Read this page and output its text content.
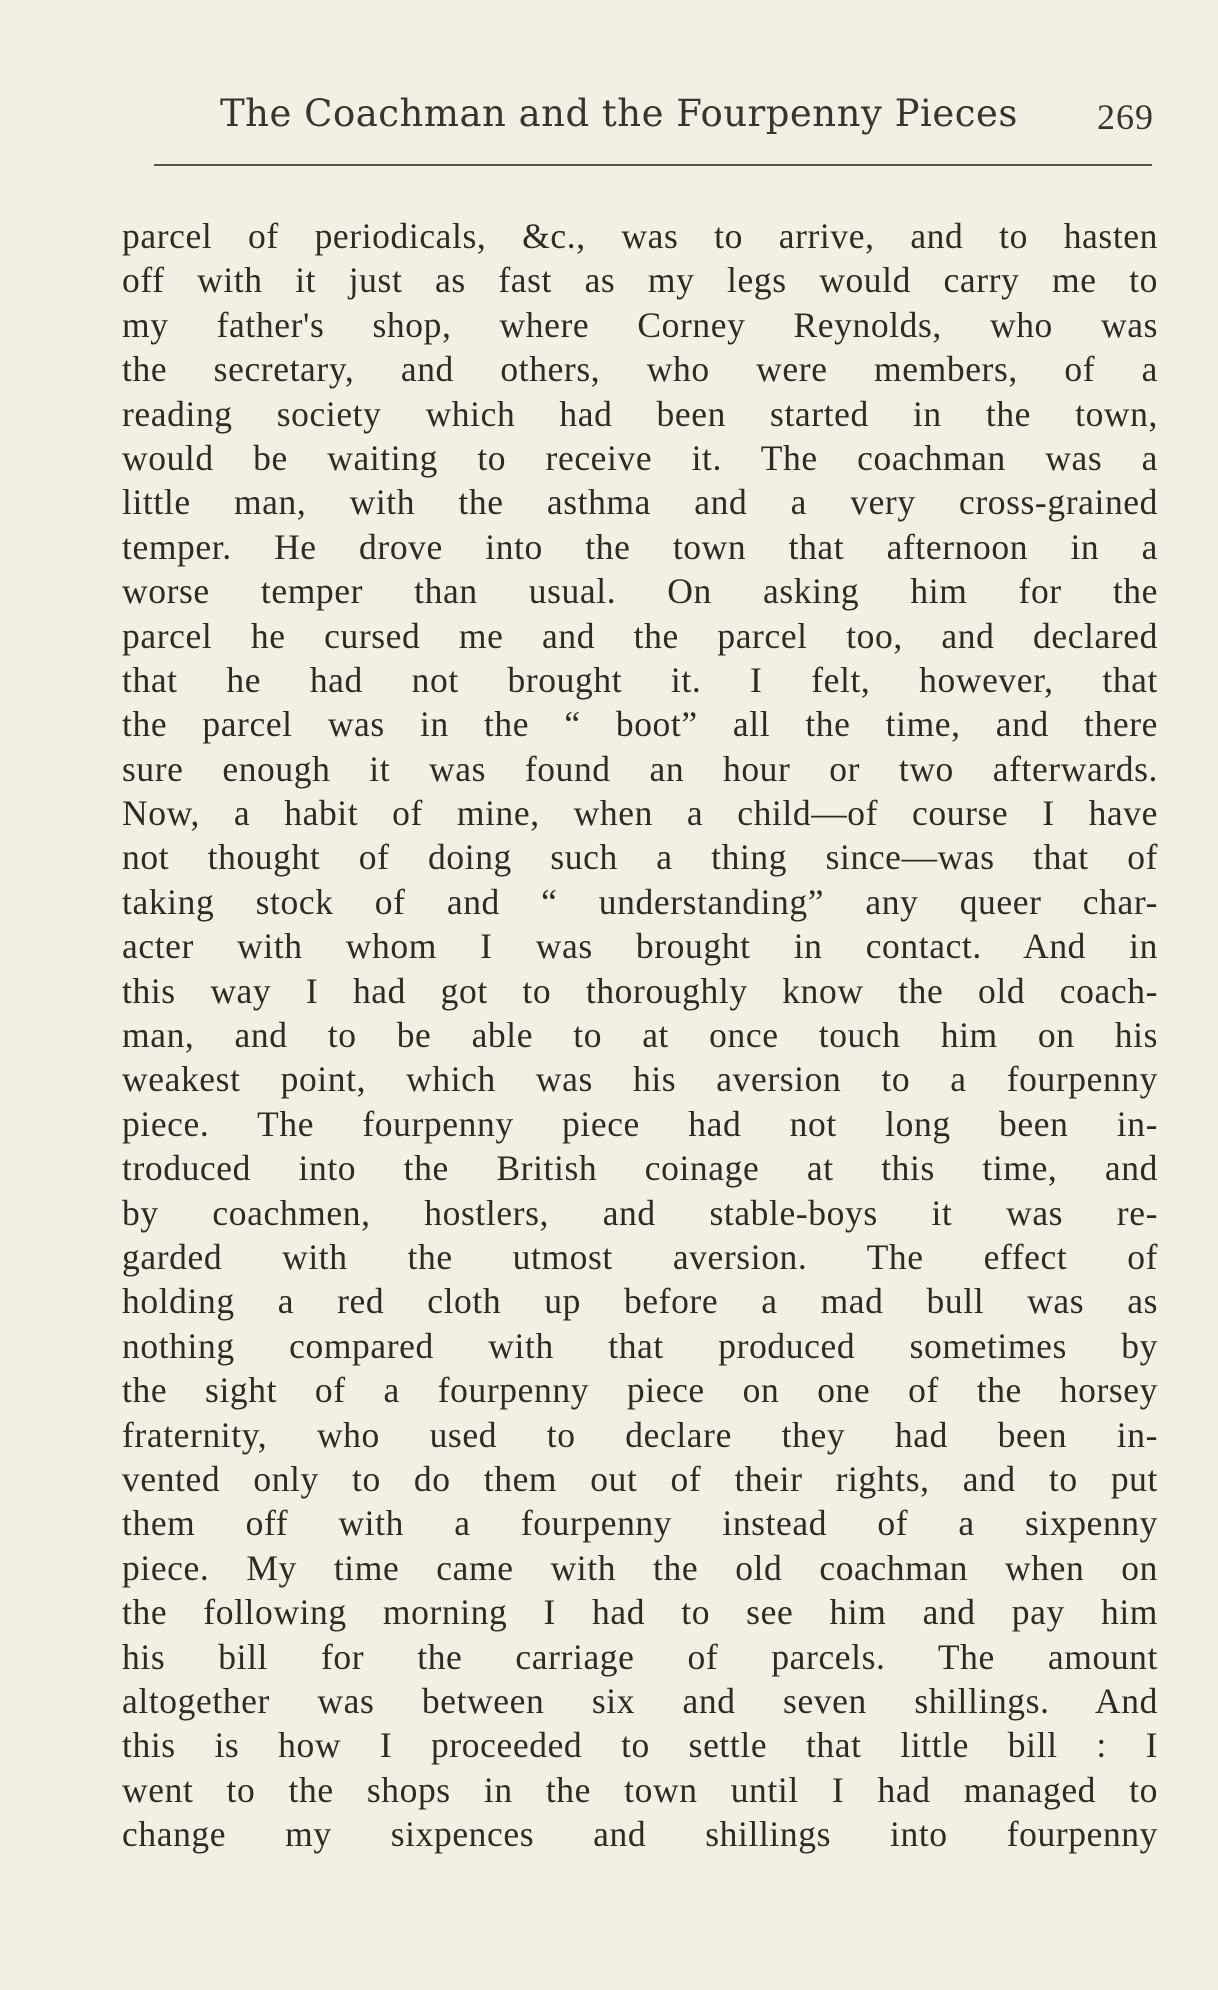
The Coachman and the Fourpenny Pieces 269
parcel of periodicals, &c., was to arrive, and to hasten
off with it just as fast as my legs would carry me to
my father's shop, where Corney Reynolds, who was
the secretary, and others, who were members, of a
reading society which had been started in the town,
would be waiting to receive it. The coachman was a
little man, with the asthma and a very cross-grained
temper. He drove into the town that afternoon in a
worse temper than usual. On asking him for the
parcel he cursed me and the parcel too, and declared
that he had not brought it. I felt, however, that
the parcel was in the “ boot” all the time, and there
sure enough it was found an hour or two afterwards.
Now, a habit of mine, when a child—of course I have
not thought of doing such a thing since—was that of
taking stock of and “ understanding” any queer char-
acter with whom I was brought in contact. And in
this way I had got to thoroughly know the old coach-
man, and to be able to at once touch him on his
weakest point, which was his aversion to a fourpenny
piece. The fourpenny piece had not long been in-
troduced into the British coinage at this time, and
by coachmen, hostlers, and stable-boys it was re-
garded with the utmost aversion. The effect of
holding a red cloth up before a mad bull was as
nothing compared with that produced sometimes by
the sight of a fourpenny piece on one of the horsey
fraternity, who used to declare they had been in-
vented only to do them out of their rights, and to put
them off with a fourpenny instead of a sixpenny
piece. My time came with the old coachman when on
the following morning I had to see him and pay him
his bill for the carriage of parcels. The amount
altogether was between six and seven shillings. And
this is how I proceeded to settle that little bill : I
went to the shops in the town until I had managed to
change my sixpences and shillings into fourpenny
